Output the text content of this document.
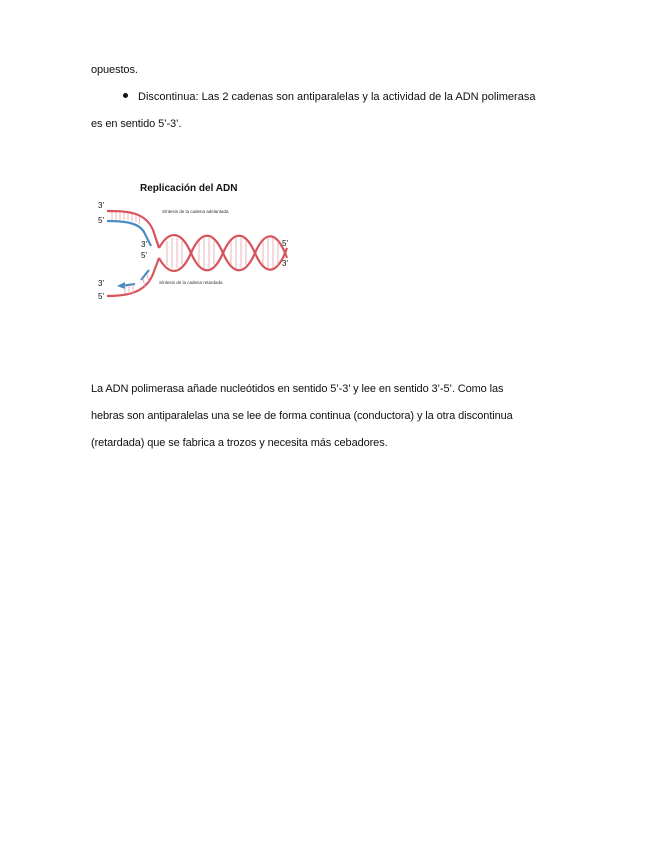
opuestos.
Discontinua: Las 2 cadenas son antiparalelas y la actividad de la ADN polimerasa
es en sentido 5’-3’.
Replicación del ADN
3'
5'
3'
5'
5'
3'
3'
5'
Síntesis de la cadena adelantada
Síntesis de la cadena retardada
La ADN polimerasa añade nucleótidos en sentido 5’-3’ y lee en sentido 3’-5’. Como las
hebras son antiparalelas una se lee de forma continua (conductora) y la otra discontinua
(retardada) que se fabrica a trozos y necesita más cebadores.
